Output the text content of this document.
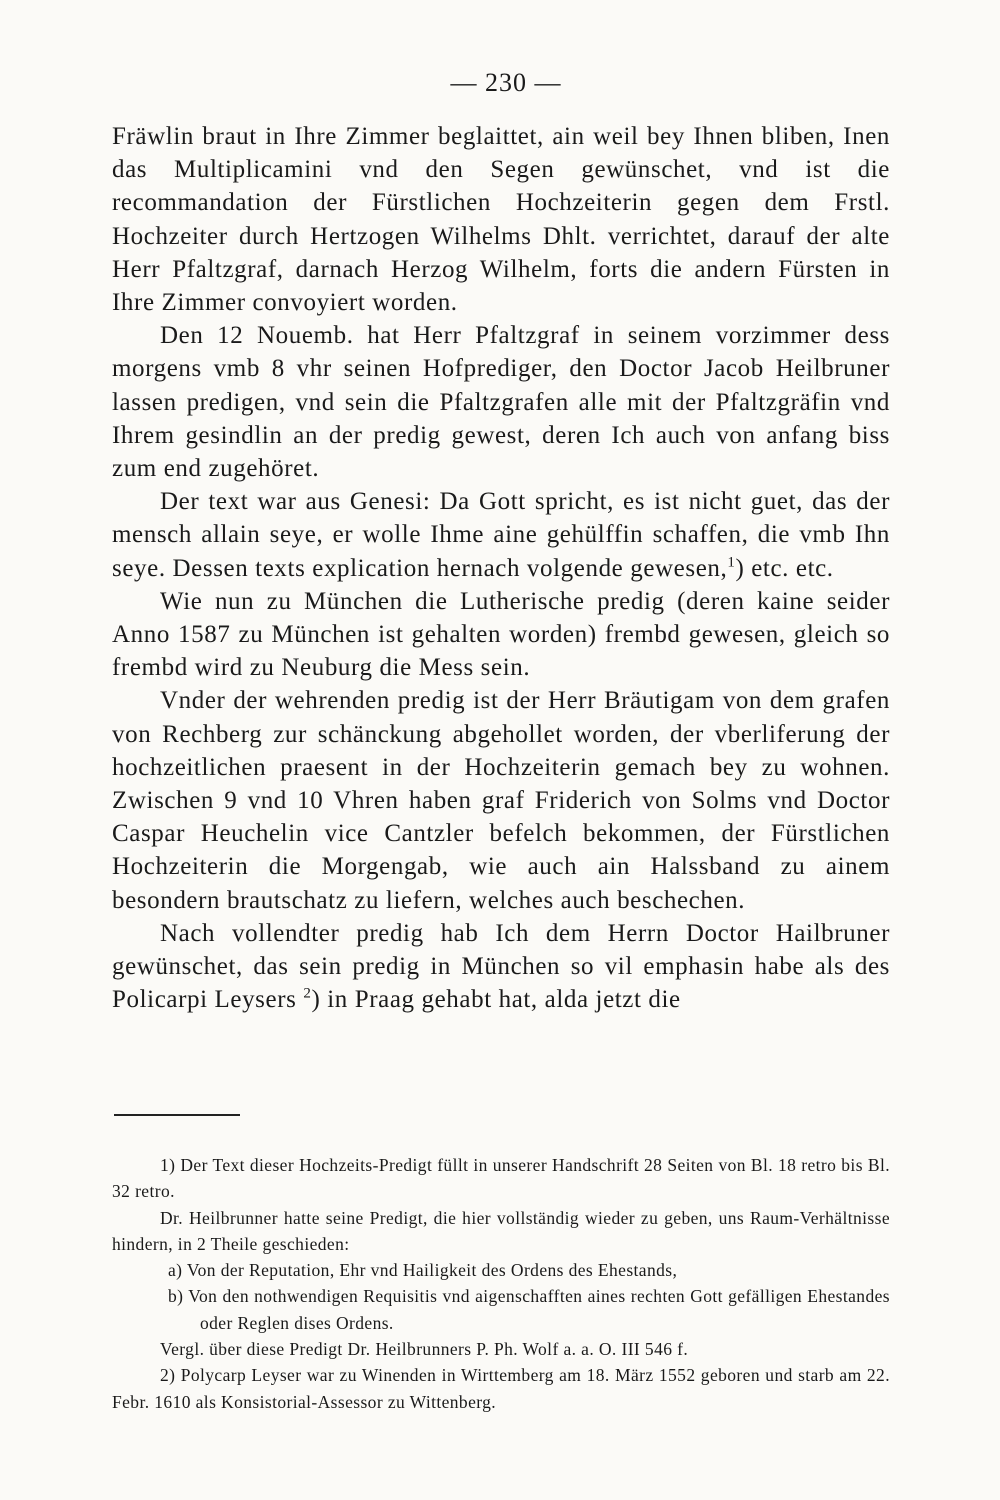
— 230 —

Fräwlin braut in Ihre Zimmer beglaittet, ain weil bey Ihnen bliben, Inen das Multiplicamini vnd den Segen gewünschet, vnd ist die recommandation der Fürstlichen Hochzeiterin gegen dem Frstl. Hochzeiter durch Hertzogen Wilhelms Dhlt. verrichtet, darauf der alte Herr Pfaltzgraf, darnach Herzog Wilhelm, forts die andern Fürsten in Ihre Zimmer convoyiert worden.

Den 12 Nouemb. hat Herr Pfaltzgraf in seinem vorzimmer dess morgens vmb 8 vhr seinen Hofprediger, den Doctor Jacob Heilbruner lassen predigen, vnd sein die Pfaltzgrafen alle mit der Pfaltzgräfin vnd Ihrem gesindlin an der predig gewest, deren Ich auch von anfang biss zum end zugehöret.

Der text war aus Genesi: Da Gott spricht, es ist nicht guet, das der mensch allain seye, er wolle Ihme aine gehülffin schaffen, die vmb Ihn seye. Dessen texts explication hernach volgende gewesen,$^1$) etc. etc.

Wie nun zu München die Lutherische predig (deren kaine seider Anno 1587 zu München ist gehalten worden) frembd gewesen, gleich so frembd wird zu Neuburg die Mess sein.

Vnder der wehrenden predig ist der Herr Bräutigam von dem grafen von Rechberg zur schänckung abgehollet worden, der vberliferung der hochzeitlichen praesent in der Hochzeiterin gemach bey zu wohnen. Zwischen 9 vnd 10 Vhren haben graf Friderich von Solms vnd Doctor Caspar Heuchelin vice Cantzler befelch bekommen, der Fürstlichen Hochzeiterin die Morgengab, wie auch ain Halssband zu ainem besondern brautschatz zu liefern, welches auch beschechen.

Nach vollendter predig hab Ich dem Herrn Doctor Hailbruner gewünschet, das sein predig in München so vil emphasin habe als des Policarpi Leysers $^2$) in Praag gehabt hat, alda jetzt die

1) Der Text dieser Hochzeits-Predigt füllt in unserer Handschrift 28 Seiten von Bl. 18 retro bis Bl. 32 retro.

Dr. Heilbrunner hatte seine Predigt, die hier vollständig wieder zu geben, uns Raum-Verhältnisse hindern, in 2 Theile geschieden:

a) Von der Reputation, Ehr vnd Hailigkeit des Ordens des Ehestands,

b) Von den nothwendigen Requisitis vnd aigenschafften aines rechten Gott gefälligen Ehestandes oder Reglen dises Ordens.

Vergl. über diese Predigt Dr. Heilbrunners P. Ph. Wolf a. a. O. III 546 f.

2) Polycarp Leyser war zu Winenden in Wirttemberg am 18. März 1552 geboren und starb am 22. Febr. 1610 als Konsistorial-Assessor zu Wittenberg.
